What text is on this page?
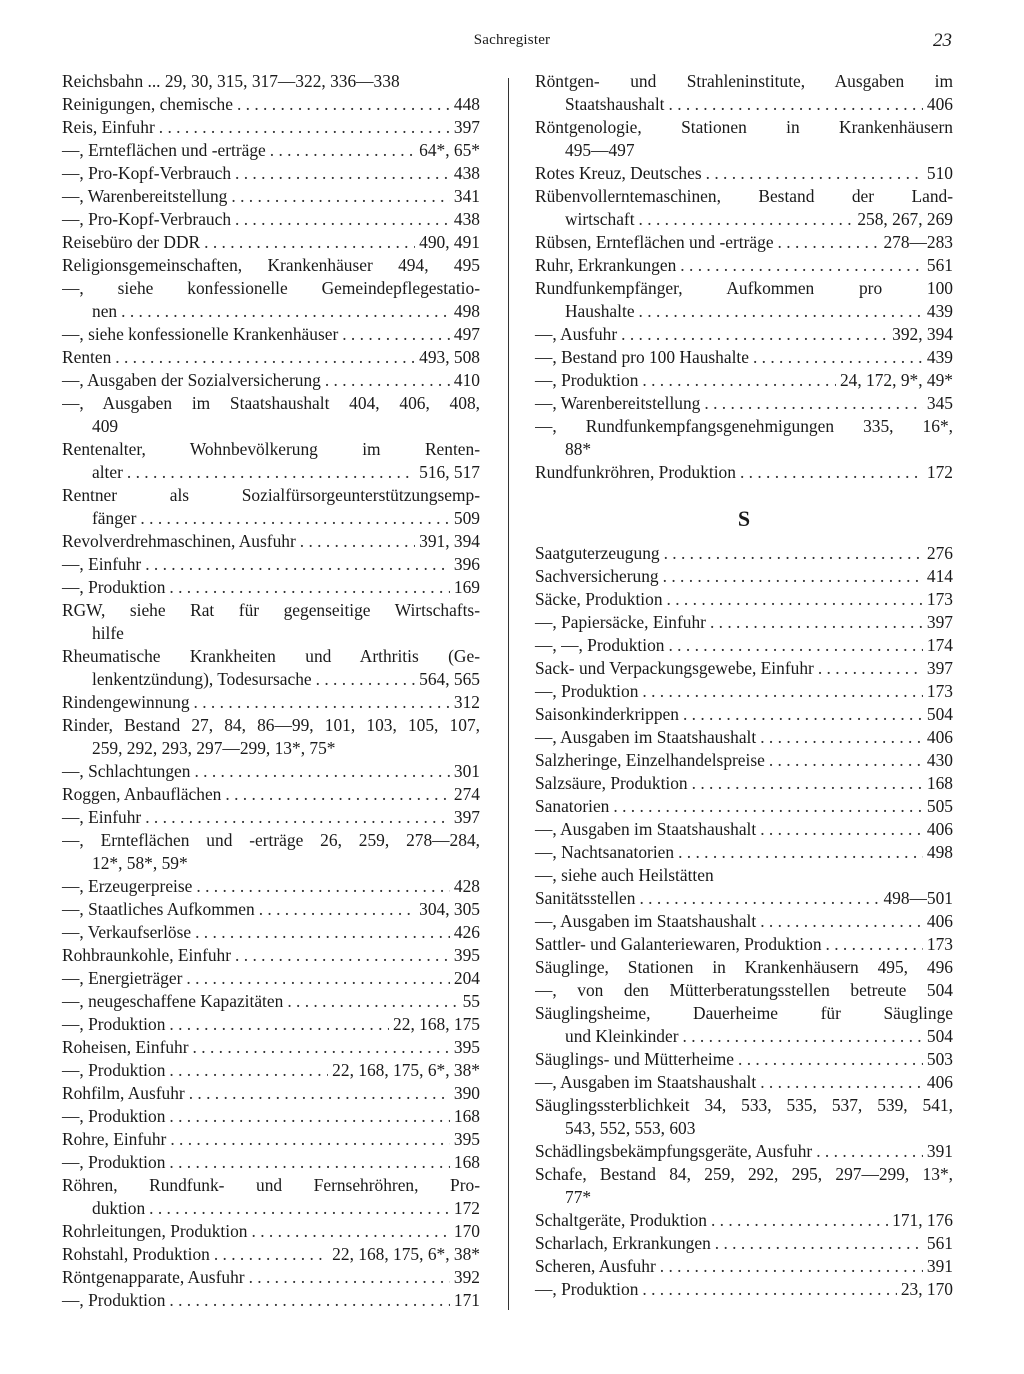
Sachregister	23
Reichsbahn ... 29, 30, 315, 317—322, 336—338
Reinigungen, chemische . . .	448
Reis, Einfuhr . . .	397
—, Ernteflächen und -erträge . . .	64*, 65*
—, Pro-Kopf-Verbrauch . . .	438
—, Warenbereitstellung . . .	341
—, Pro-Kopf-Verbrauch . . .	438
Reisebüro der DDR . . .	490, 491
Religionsgemeinschaften, Krankenhäuser 494, 495
—, siehe konfessionelle Gemeindepflegestatio-
nen . . .	498
—, siehe konfessionelle Krankenhäuser . . .	497
Renten . . .	493, 508
—, Ausgaben der Sozialversicherung . . .	410
—, Ausgaben im Staatshaushalt 404, 406, 408,
409
Rentenalter, Wohnbevölkerung im Renten-
alter . . .	516, 517
Rentner als Sozialfürsorgeunterstützungsemp-
fänger . . .	509
Revolverdrehmaschinen, Ausfuhr . . .	391, 394
—, Einfuhr . . .	396
—, Produktion . . .	169
RGW, siehe Rat für gegenseitige Wirtschafts-
hilfe
Rheumatische Krankheiten und Arthritis (Ge-
lenkentzündung), Todesursache . . .	564, 565
Rindengewinnung . . .	312
Rinder, Bestand 27, 84, 86—99, 101, 103, 105, 107,
259, 292, 293, 297—299, 13*, 75*
—, Schlachtungen . . .	301
Roggen, Anbauflächen . . .	274
—, Einfuhr . . .	397
—, Ernteflächen und -erträge 26, 259, 278—284,
12*, 58*, 59*
—, Erzeugerpreise . . .	428
—, Staatliches Aufkommen . . .	304, 305
—, Verkaufserlöse . . .	426
Rohbraunkohle, Einfuhr . . .	395
—, Energieträger . . .	204
—, neugeschaffene Kapazitäten . . .	55
—, Produktion . . .	22, 168, 175
Roheisen, Einfuhr . . .	395
—, Produktion . . .	22, 168, 175, 6*, 38*
Rohfilm, Ausfuhr . . .	390
—, Produktion . . .	168
Rohre, Einfuhr . . .	395
—, Produktion . . .	168
Röhren, Rundfunk- und Fernsehröhren, Pro-
duktion . . .	172
Rohrleitungen, Produktion . . .	170
Rohstahl, Produktion . . .	22, 168, 175, 6*, 38*
Röntgenapparate, Ausfuhr . . .	392
—, Produktion . . .	171
Röntgen- und Strahleninstitute, Ausgaben im
Staatshaushalt . . .	406
Röntgenologie, Stationen in Krankenhäusern
495—497
Rotes Kreuz, Deutsches . . .	510
Rübenvollerntemaschinen, Bestand der Land-
wirtschaft . . .	258, 267, 269
Rübsen, Ernteflächen und -erträge . . .	278—283
Ruhr, Erkrankungen . . .	561
Rundfunkempfänger, Aufkommen pro 100
Haushalte . . .	439
—, Ausfuhr . . .	392, 394
—, Bestand pro 100 Haushalte . . .	439
—, Produktion . . .	24, 172, 9*, 49*
—, Warenbereitstellung . . .	345
—, Rundfunkempfangsgenehmigungen 335, 16*,
88*
Rundfunkröhren, Produktion . . .	172
S
Saatguterzeugung . . .	276
Sachversicherung . . .	414
Säcke, Produktion . . .	173
—, Papiersäcke, Einfuhr . . .	397
—, —, Produktion . . .	174
Sack- und Verpackungsgewebe, Einfuhr . . .	397
—, Produktion . . .	173
Saisonkinderkrippen . . .	504
—, Ausgaben im Staatshaushalt . . .	406
Salzheringe, Einzelhandelspreise . . .	430
Salzsäure, Produktion . . .	168
Sanatorien . . .	505
—, Ausgaben im Staatshaushalt . . .	406
—, Nachtsanatorien . . .	498
—, siehe auch Heilstätten
Sanitätsstellen . . .	498—501
—, Ausgaben im Staatshaushalt . . .	406
Sattler- und Galanteriewaren, Produktion . . .	173
Säuglinge, Stationen in Krankenhäusern 495, 496
—, von den Mütterberatungsstellen betreute 504
Säuglingsheime, Dauerheime für Säuglinge
und Kleinkinder . . .	504
Säuglings- und Mütterheime . . .	503
—, Ausgaben im Staatshaushalt . . .	406
Säuglingssterblichkeit 34, 533, 535, 537, 539, 541,
543, 552, 553, 603
Schädlingsbekämpfungsgeräte, Ausfuhr . . .	391
Schafe, Bestand 84, 259, 292, 295, 297—299, 13*,
77*
Schaltgeräte, Produktion . . .	171, 176
Scharlach, Erkrankungen . . .	561
Scheren, Ausfuhr . . .	391
—, Produktion . . .	23, 170
